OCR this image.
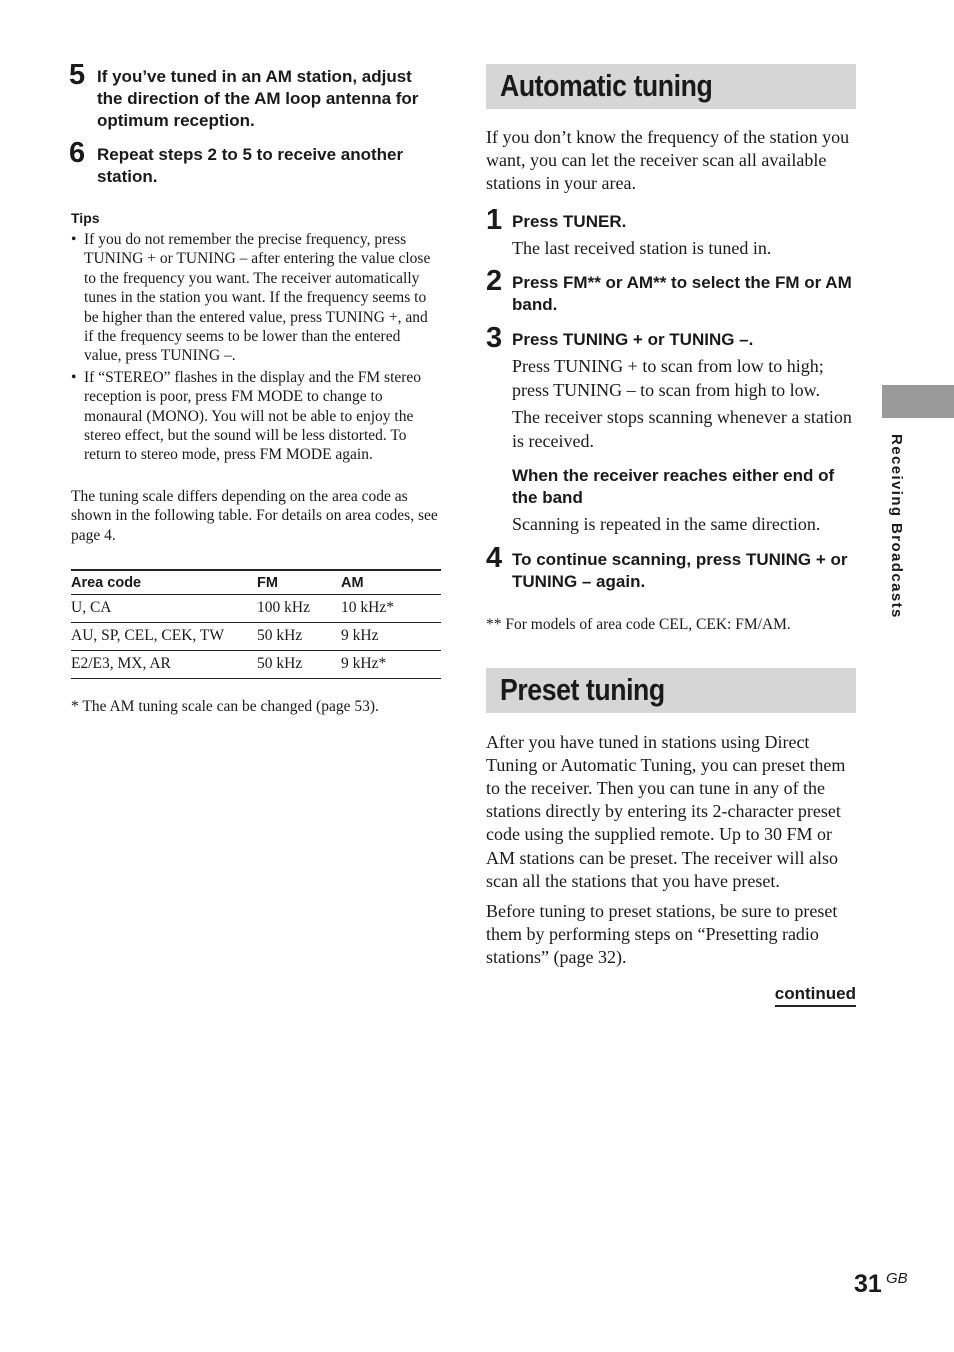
5 If you’ve tuned in an AM station, adjust the direction of the AM loop antenna for optimum reception.
6 Repeat steps 2 to 5 to receive another station.
Tips
• If you do not remember the precise frequency, press TUNING + or TUNING – after entering the value close to the frequency you want. The receiver automatically tunes in the station you want. If the frequency seems to be higher than the entered value, press TUNING +, and if the frequency seems to be lower than the entered value, press TUNING –.
• If “STEREO” flashes in the display and the FM stereo reception is poor, press FM MODE to change to monaural (MONO). You will not be able to enjoy the stereo effect, but the sound will be less distorted. To return to stereo mode, press FM MODE again.
The tuning scale differs depending on the area code as shown in the following table. For details on area codes, see page 4.
Area code	FM	AM
U, CA	100 kHz	10 kHz*
AU, SP, CEL, CEK, TW	50 kHz	9 kHz
E2/E3, MX, AR	50 kHz	9 kHz*
* The AM tuning scale can be changed (page 53).
Automatic tuning
If you don’t know the frequency of the station you want, you can let the receiver scan all available stations in your area.
1 Press TUNER.
The last received station is tuned in.
2 Press FM** or AM** to select the FM or AM band.
3 Press TUNING + or TUNING –.
Press TUNING + to scan from low to high; press TUNING – to scan from high to low.
The receiver stops scanning whenever a station is received.
When the receiver reaches either end of the band
Scanning is repeated in the same direction.
4 To continue scanning, press TUNING + or TUNING – again.
** For models of area code CEL, CEK: FM/AM.
Preset tuning
After you have tuned in stations using Direct Tuning or Automatic Tuning, you can preset them to the receiver. Then you can tune in any of the stations directly by entering its 2-character preset code using the supplied remote. Up to 30 FM or AM stations can be preset. The receiver will also scan all the stations that you have preset.
Before tuning to preset stations, be sure to preset them by performing steps on “Presetting radio stations” (page 32).
continued
Receiving Broadcasts
31 GB
